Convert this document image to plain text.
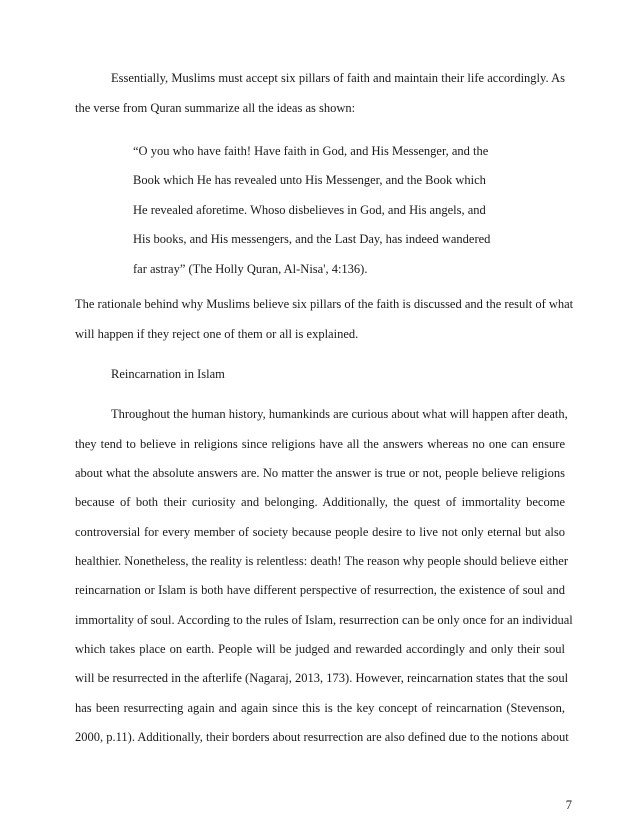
Essentially, Muslims must accept six pillars of faith and maintain their life accordingly. As
the verse from Quran summarize all the ideas as shown:
“O you who have faith! Have faith in God, and His Messenger, and the
Book which He has revealed unto His Messenger, and the Book which
He revealed aforetime. Whoso disbelieves in God, and His angels, and
His books, and His messengers, and the Last Day, has indeed wandered
far astray” (The Holly Quran, Al-Nisa', 4:136).
The rationale behind why Muslims believe six pillars of the faith is discussed and the result of what
will happen if they reject one of them or all is explained.
Reincarnation in Islam
Throughout the human history, humankinds are curious about what will happen after death,
they tend to believe in religions since religions have all the answers whereas no one can ensure
about what the absolute answers are. No matter the answer is true or not, people believe religions
because of both their curiosity and belonging. Additionally, the quest of immortality become
controversial for every member of society because people desire to live not only eternal but also
healthier. Nonetheless, the reality is relentless: death! The reason why people should believe either
reincarnation or Islam is both have different perspective of resurrection, the existence of soul and
immortality of soul. According to the rules of Islam, resurrection can be only once for an individual
which takes place on earth. People will be judged and rewarded accordingly and only their soul
will be resurrected in the afterlife (Nagaraj, 2013, 173). However, reincarnation states that the soul
has been resurrecting again and again since this is the key concept of reincarnation (Stevenson,
2000, p.11). Additionally, their borders about resurrection are also defined due to the notions about
7
